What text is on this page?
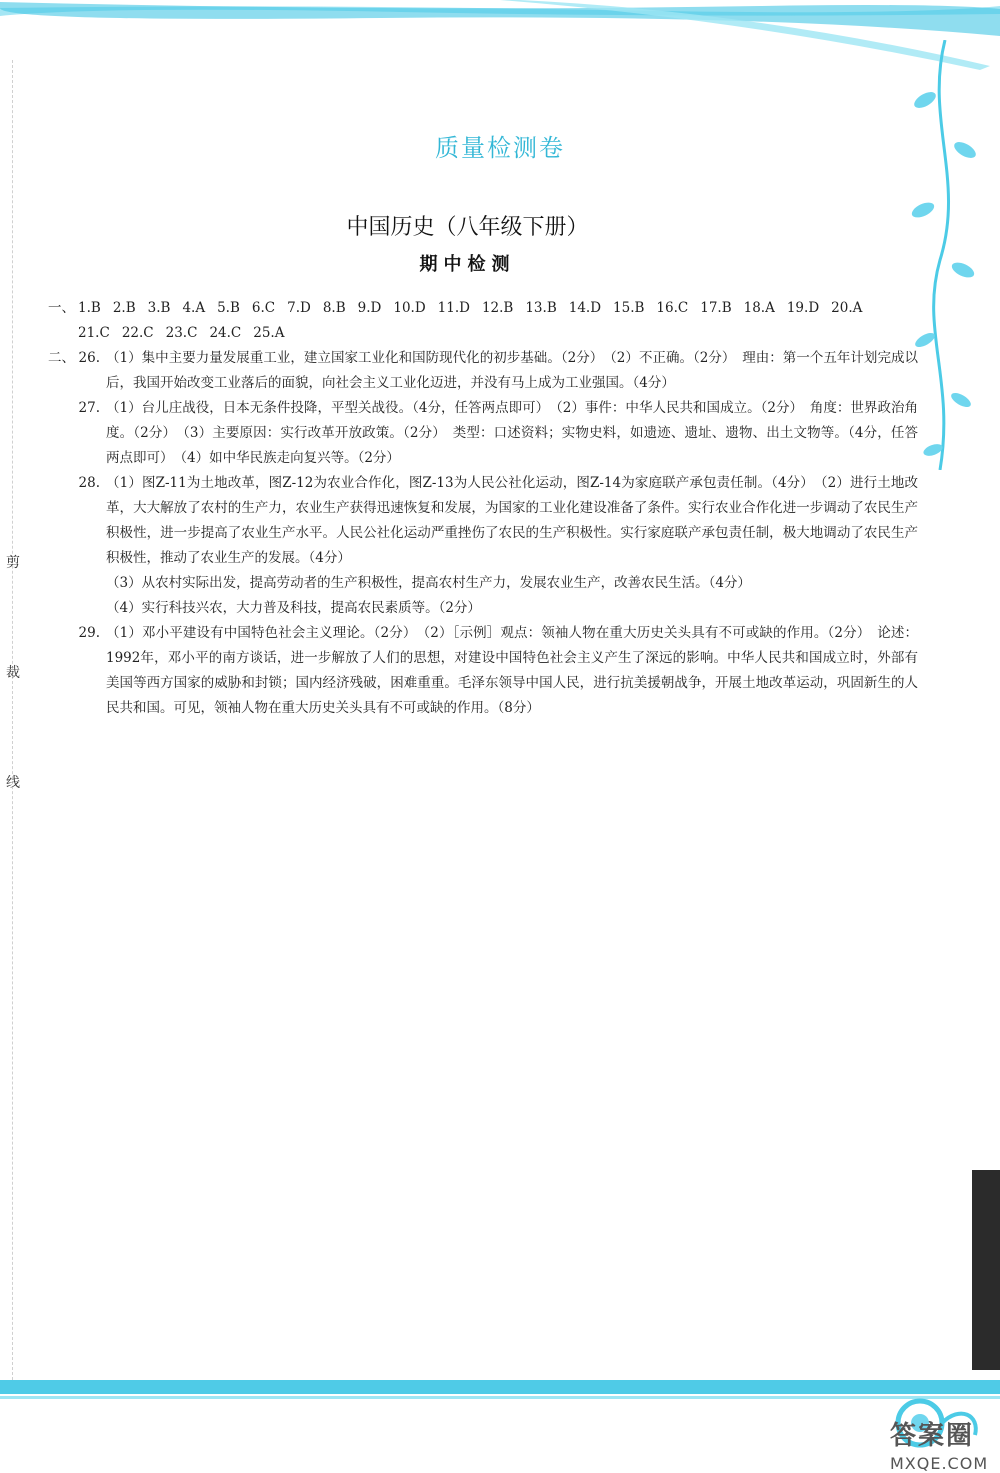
剪
裁
线
质量检测卷
中国历史（八年级下册）
期中检测
一、 1.B 2.B 3.B 4.A 5.B 6.C 7.D 8.B 9.D 10.D 11.D 12.B 13.B 14.D 15.B 16.C 17.B 18.A 19.D 20.A
21.C 22.C 23.C 24.C 25.A
二、 26. （1）集中主要力量发展重工业，建立国家工业化和国防现代化的初步基础。（2分）　（2）不正确。（2分）　理由：第一个五年计划完成以后，我国开始改变工业落后的面貌，向社会主义工业化迈进，并没有马上成为工业强国。（4分）

27. （1）台儿庄战役，日本无条件投降，平型关战役。（4分，任答两点即可）　（2）事件：中华人民共和国成立。（2分）　角度：世界政治角度。（2分）　（3）主要原因：实行改革开放政策。（2分）　类型：口述资料；实物史料，如遗迹、遗址、遗物、出土文物等。（4分，任答两点即可）　（4）如中华民族走向复兴等。（2分）

28. （1）图Z-11为土地改革，图Z-12为农业合作化，图Z-13为人民公社化运动，图Z-14为家庭联产承包责任制。（4分）　（2）进行土地改革，大大解放了农村的生产力，农业生产获得迅速恢复和发展，为国家的工业化建设准备了条件。实行农业合作化进一步调动了农民生产积极性，进一步提高了农业生产水平。人民公社化运动严重挫伤了农民的生产积极性。实行家庭联产承包责任制，极大地调动了农民生产积极性，推动了农业生产的发展。（4分）

（3）从农村实际出发，提高劳动者的生产积极性，提高农村生产力，发展农业生产，改善农民生活。（4分）

（4）实行科技兴农，大力普及科技，提高农民素质等。（2分）

29. （1）邓小平建设有中国特色社会主义理论。（2分）　（2）［示例］观点：领袖人物在重大历史关头具有不可或缺的作用。（2分）　论述：1992年，邓小平的南方谈话，进一步解放了人们的思想，对建设中国特色社会主义产生了深远的影响。中华人民共和国成立时，外部有美国等西方国家的威胁和封锁；国内经济残破，困难重重。毛泽东领导中国人民，进行抗美援朝战争，开展土地改革运动，巩固新生的人民共和国。可见，领袖人物在重大历史关头具有不可或缺的作用。（8分）

答案圈
MXQE.COM
